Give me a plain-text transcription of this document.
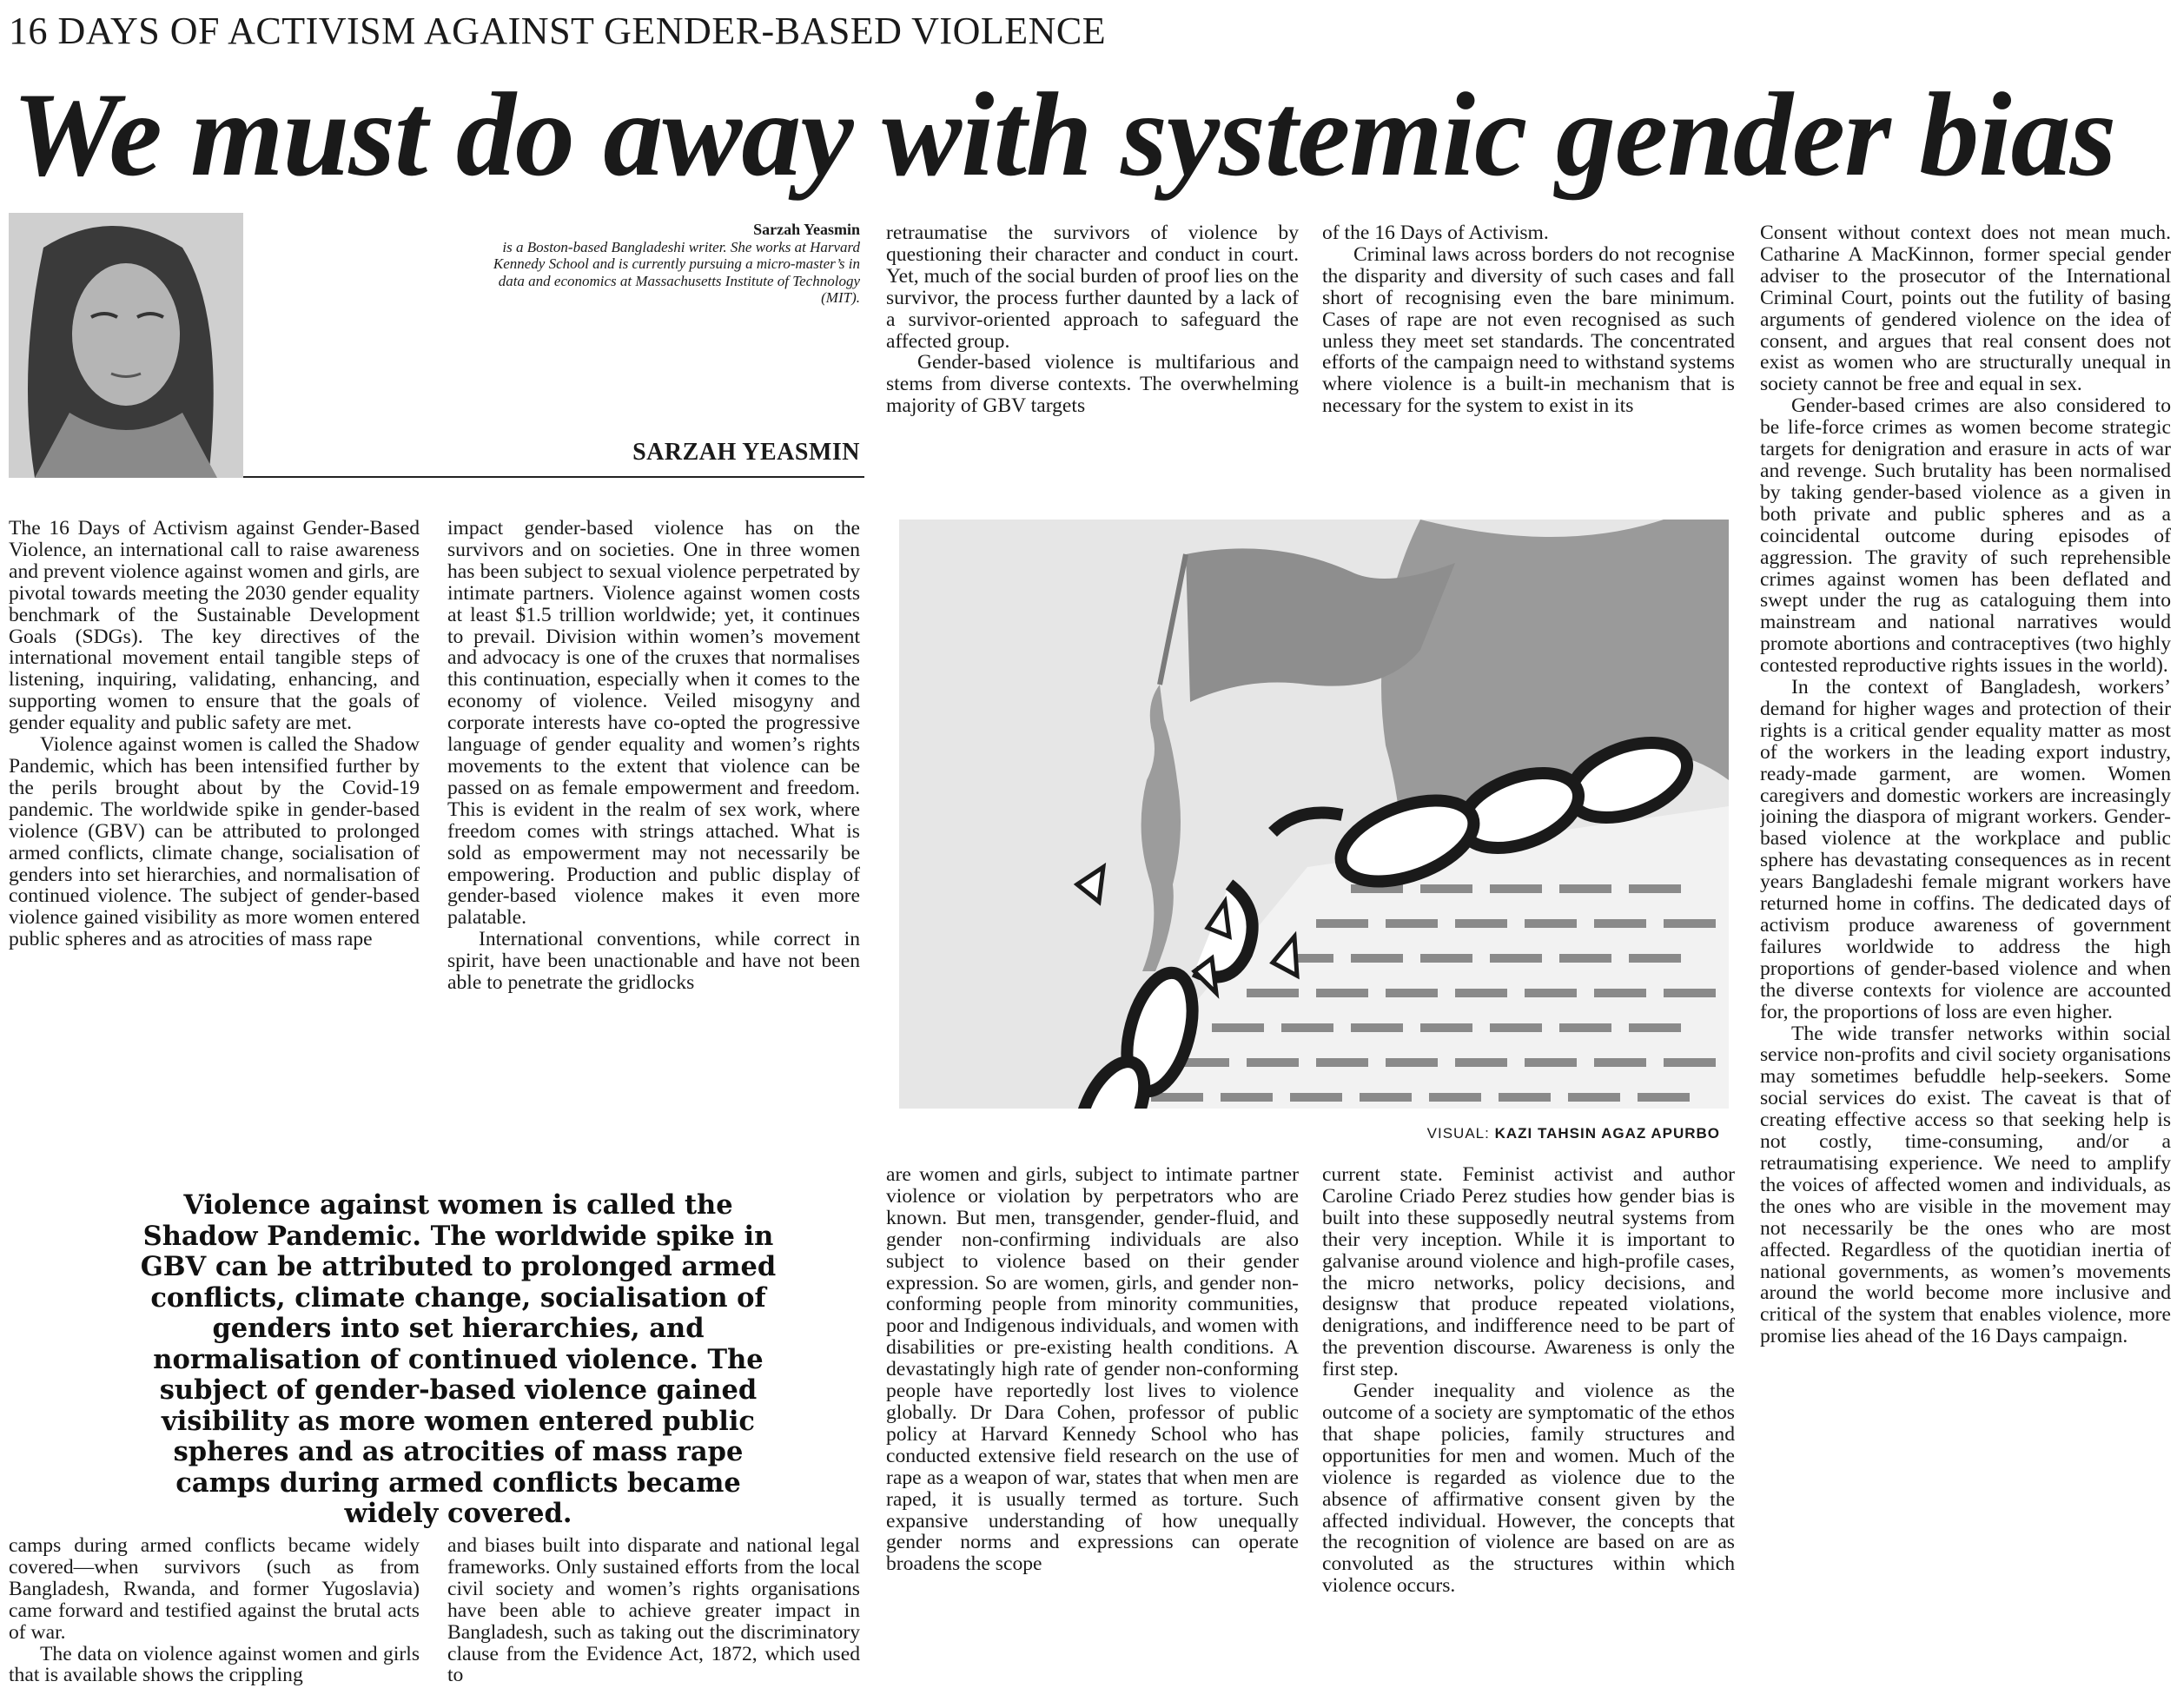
16 DAYS OF ACTIVISM AGAINST GENDER-BASED VIOLENCE
We must do away with systemic gender bias
Sarzah Yeasmin
is a Boston-based Bangladeshi writer. She works at Harvard Kennedy School and is currently pursuing a micro-master’s in data and economics at Massachusetts Institute of Technology (MIT).
SARZAH YEASMIN

The 16 Days of Activism against Gender-Based Violence, an international call to raise awareness and prevent violence against women and girls, are pivotal towards meeting the 2030 gender equality benchmark of the Sustainable Development Goals (SDGs). The key directives of the international movement entail tangible steps of listening, inquiring, validating, enhancing, and supporting women to ensure that the goals of gender equality and public safety are met.

Violence against women is called the Shadow Pandemic, which has been intensified further by the perils brought about by the Covid-19 pandemic. The worldwide spike in gender-based violence (GBV) can be attributed to prolonged armed conflicts, climate change, socialisation of genders into set hierarchies, and normalisation of continued violence. The subject of gender-based violence gained visibility as more women entered public spheres and as atrocities of mass rape

camps during armed conflicts became widely covered—when survivors (such as from Bangladesh, Rwanda, and former Yugoslavia) came forward and testified against the brutal acts of war.

The data on violence against women and girls that is available shows the crippling

impact gender-based violence has on the survivors and on societies. One in three women has been subject to sexual violence perpetrated by intimate partners. Violence against women costs at least $1.5 trillion worldwide; yet, it continues to prevail. Division within women’s movement and advocacy is one of the cruxes that normalises this continuation, especially when it comes to the economy of violence. Veiled misogyny and corporate interests have co-opted the progressive language of gender equality and women’s rights movements to the extent that violence can be passed on as female empowerment and freedom. This is evident in the realm of sex work, where freedom comes with strings attached. What is sold as empowerment may not necessarily be empowering. Production and public display of gender-based violence makes it even more palatable.

International conventions, while correct in spirit, have been unactionable and have not been able to penetrate the gridlocks

and biases built into disparate and national legal frameworks. Only sustained efforts from the local civil society and women’s rights organisations have been able to achieve greater impact in Bangladesh, such as taking out the discriminatory clause from the Evidence Act, 1872, which used to

retraumatise the survivors of violence by questioning their character and conduct in court. Yet, much of the social burden of proof lies on the survivor, the process further daunted by a lack of a survivor-oriented approach to safeguard the affected group.

Gender-based violence is multifarious and stems from diverse contexts. The overwhelming majority of GBV targets

are women and girls, subject to intimate partner violence or violation by perpetrators who are known. But men, transgender, gender-fluid, and gender non-confirming individuals are also subject to violence based on their gender expression. So are women, girls, and gender non-conforming people from minority communities, poor and Indigenous individuals, and women with disabilities or pre-existing health conditions. A devastatingly high rate of gender non-conforming people have reportedly lost lives to violence globally. Dr Dara Cohen, professor of public policy at Harvard Kennedy School who has conducted extensive field research on the use of rape as a weapon of war, states that when men are raped, it is usually termed as torture. Such expansive understanding of how unequally gender norms and expressions can operate broadens the scope

of the 16 Days of Activism.

Criminal laws across borders do not recognise the disparity and diversity of such cases and fall short of recognising even the bare minimum. Cases of rape are not even recognised as such unless they meet set standards. The concentrated efforts of the campaign need to withstand systems where violence is a built-in mechanism that is necessary for the system to exist in its

current state. Feminist activist and author Caroline Criado Perez studies how gender bias is built into these supposedly neutral systems from their very inception. While it is important to galvanise around violence and high-profile cases, the micro networks, policy decisions, and designsw that produce repeated violations, denigrations, and indifference need to be part of the prevention discourse. Awareness is only the first step.

Gender inequality and violence as the outcome of a society are symptomatic of the ethos that shape policies, family structures and opportunities for men and women. Much of the violence is regarded as violence due to the absence of affirmative consent given by the affected individual. However, the concepts that the recognition of violence are based on are as convoluted as the structures within which violence occurs.

Consent without context does not mean much. Catharine A MacKinnon, former special gender adviser to the prosecutor of the International Criminal Court, points out the futility of basing arguments of gendered violence on the idea of consent, and argues that real consent does not exist as women who are structurally unequal in society cannot be free and equal in sex.

Gender-based crimes are also considered to be life-force crimes as women become strategic targets for denigration and erasure in acts of war and revenge. Such brutality has been normalised by taking gender-based violence as a given in both private and public spheres and as a coincidental outcome during episodes of aggression. The gravity of such reprehensible crimes against women has been deflated and swept under the rug as cataloguing them into mainstream and national narratives would promote abortions and contraceptives (two highly contested reproductive rights issues in the world).

In the context of Bangladesh, workers’ demand for higher wages and protection of their rights is a critical gender equality matter as most of the workers in the leading export industry, ready-made garment, are women. Women caregivers and domestic workers are increasingly joining the diaspora of migrant workers. Gender-based violence at the workplace and public sphere has devastating consequences as in recent years Bangladeshi female migrant workers have returned home in coffins. The dedicated days of activism produce awareness of government failures worldwide to address the high proportions of gender-based violence and when the diverse contexts for violence are accounted for, the proportions of loss are even higher.

The wide transfer networks within social service non-profits and civil society organisations may sometimes befuddle help-seekers. Some social services do exist. The caveat is that of creating effective access so that seeking help is not costly, time-consuming, and/or a retraumatising experience. We need to amplify the voices of affected women and individuals, as the ones who are visible in the movement may not necessarily be the ones who are most affected. Regardless of the quotidian inertia of national governments, as women’s movements around the world become more inclusive and critical of the system that enables violence, more promise lies ahead of the 16 Days campaign.

VISUAL: KAZI TAHSIN AGAZ APURBO
Violence against women is called the Shadow Pandemic. The worldwide spike in GBV can be attributed to prolonged armed conflicts, climate change, socialisation of genders into set hierarchies, and normalisation of continued violence. The subject of gender-based violence gained visibility as more women entered public spheres and as atrocities of mass rape camps during armed conflicts became widely covered.
